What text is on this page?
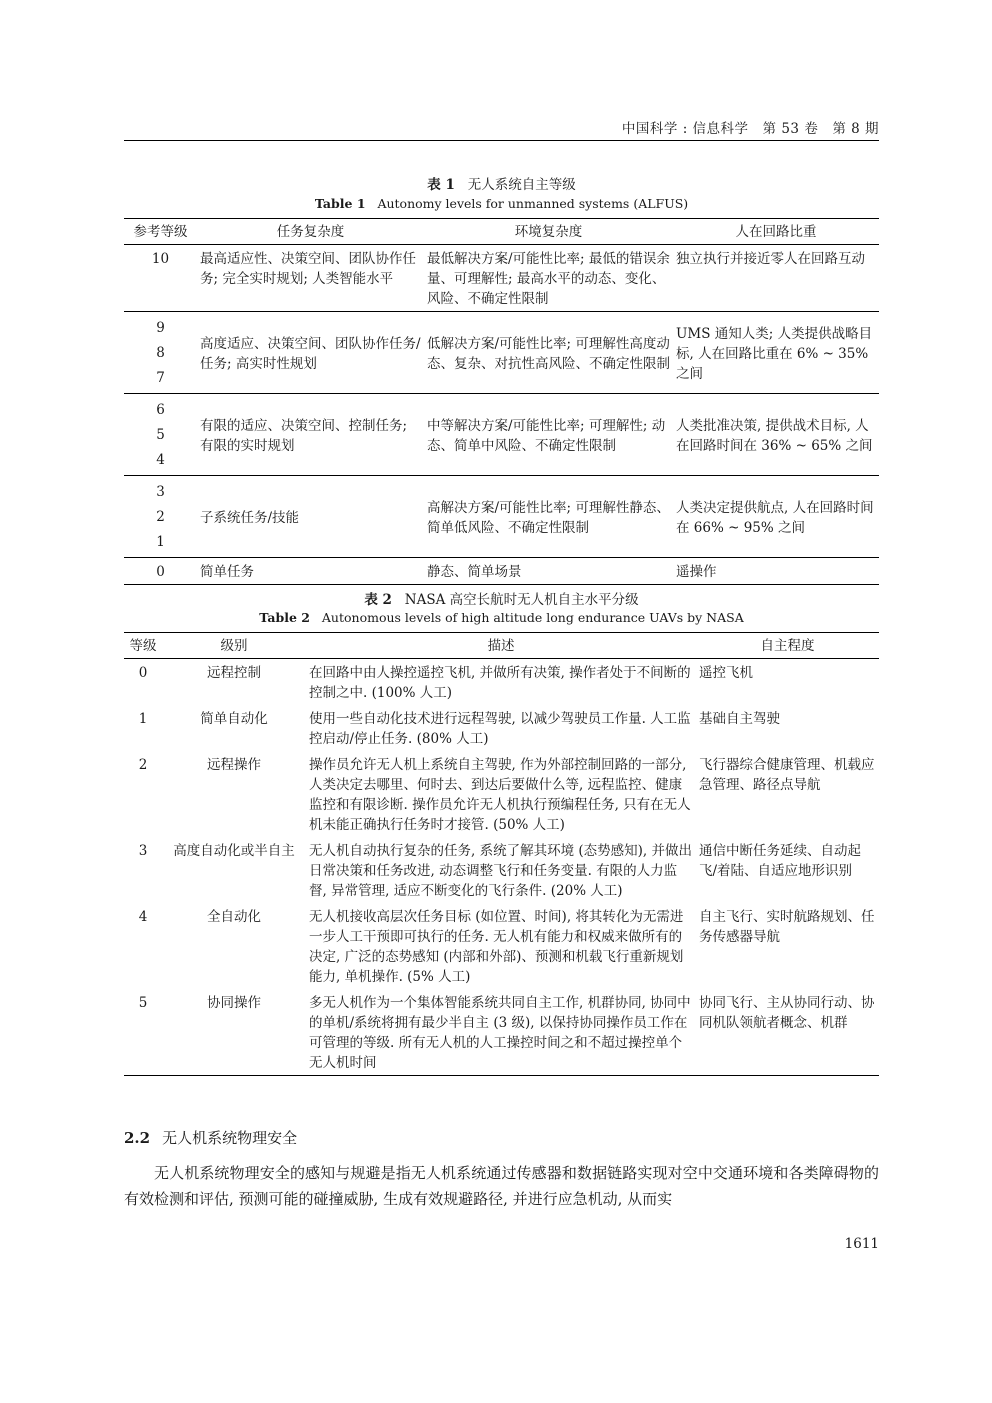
中国科学 : 信息科学　第 53 卷　第 8 期
表 1 无人系统自主等级
Table 1 Autonomy levels for unmanned systems (ALFUS)
参考等级	任务复杂度	环境复杂度	人在回路比重
10	最高适应性、决策空间、团队协作任务; 完全实时规划; 人类智能水平	最低解决方案/可能性比率; 最低的错误余量、可理解性; 最高水平的动态、变化、风险、不确定性限制	独立执行并接近零人在回路互动

9
8
7	高度适应、决策空间、团队协作任务/任务; 高实时性规划	低解决方案/可能性比率; 可理解性高度动态、复杂、对抗性高风险、不确定性限制	UMS 通知人类; 人类提供战略目标, 人在回路比重在 6% ~ 35% 之间

6
5
4	有限的适应、决策空间、控制任务; 有限的实时规划	中等解决方案/可能性比率; 可理解性; 动态、简单中风险、不确定性限制	人类批准决策, 提供战术目标, 人在回路时间在 36% ~ 65% 之间

3
2
1	子系统任务/技能	高解决方案/可能性比率; 可理解性静态、简单低风险、不确定性限制	人类决定提供航点, 人在回路时间在 66% ~ 95% 之间
0	简单任务	静态、简单场景	遥操作
表 2 NASA 高空长航时无人机自主水平分级
Table 2 Autonomous levels of high altitude long endurance UAVs by NASA
等级	级别	描述	自主程度
0	远程控制	在回路中由人操控遥控飞机, 并做所有决策, 操作者处于不间断的控制之中. (100% 人工)	遥控飞机
1	简单自动化	使用一些自动化技术进行远程驾驶, 以减少驾驶员工作量. 人工监控启动/停止任务. (80% 人工)	基础自主驾驶
2	远程操作	操作员允许无人机上系统自主驾驶, 作为外部控制回路的一部分, 人类决定去哪里、何时去、到达后要做什么等, 远程监控、健康监控和有限诊断. 操作员允许无人机执行预编程任务, 只有在无人机未能正确执行任务时才接管. (50% 人工)	飞行器综合健康管理、机载应急管理、路径点导航
3	高度自动化或半自主	无人机自动执行复杂的任务, 系统了解其环境 (态势感知), 并做出日常决策和任务改进, 动态调整飞行和任务变量. 有限的人力监督, 异常管理, 适应不断变化的飞行条件. (20% 人工)	通信中断任务延续、自动起飞/着陆、自适应地形识别
4	全自动化	无人机接收高层次任务目标 (如位置、时间), 将其转化为无需进一步人工干预即可执行的任务. 无人机有能力和权威来做所有的决定, 广泛的态势感知 (内部和外部)、预测和机载飞行重新规划能力, 单机操作. (5% 人工)	自主飞行、实时航路规划、任务传感器导航
5	协同操作	多无人机作为一个集体智能系统共同自主工作, 机群协同, 协同中的单机/系统将拥有最少半自主 (3 级), 以保持协同操作员工作在可管理的等级. 所有无人机的人工操控时间之和不超过操控单个无人机时间	协同飞行、主从协同行动、协同机队领航者概念、机群
2.2 无人机系统物理安全

无人机系统物理安全的感知与规避是指无人机系统通过传感器和数据链路实现对空中交通环境和各类障碍物的有效检测和评估, 预测可能的碰撞威胁, 生成有效规避路径, 并进行应急机动, 从而实

1611
